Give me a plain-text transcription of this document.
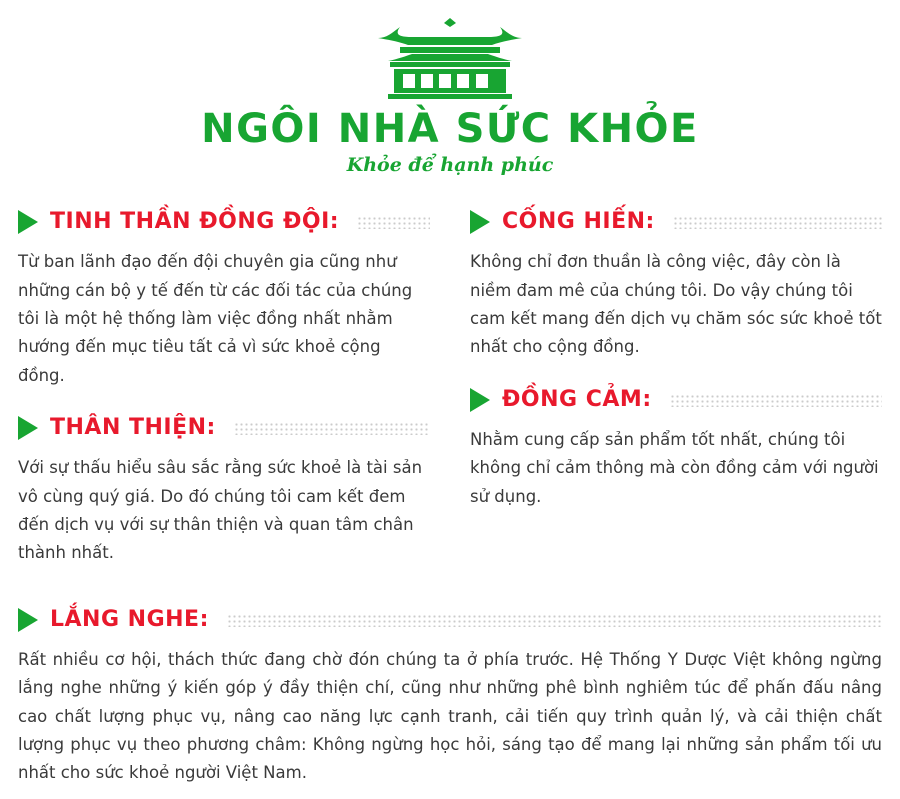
NGÔI NHÀ SỨC KHỎE
Khỏe để hạnh phúc
TINH THẦN ĐỒNG ĐỘI:
Từ ban lãnh đạo đến đội chuyên gia cũng như những cán bộ y tế đến từ các đối tác của chúng tôi là một hệ thống làm việc đồng nhất nhằm hướng đến mục tiêu tất cả vì sức khoẻ cộng đồng.
THÂN THIỆN:
Với sự thấu hiểu sâu sắc rằng sức khoẻ là tài sản vô cùng quý giá. Do đó chúng tôi cam kết đem đến dịch vụ với sự thân thiện và quan tâm chân thành nhất.
CỐNG HIẾN:
Không chỉ đơn thuần là công việc, đây còn là niềm đam mê của chúng tôi. Do vậy chúng tôi cam kết mang đến dịch vụ chăm sóc sức khoẻ tốt nhất cho cộng đồng.
ĐỒNG CẢM:
Nhằm cung cấp sản phẩm tốt nhất, chúng tôi không chỉ cảm thông mà còn đồng cảm với người sử dụng.
LẮNG NGHE:
Rất nhiều cơ hội, thách thức đang chờ đón chúng ta ở phía trước. Hệ Thống Y Dược Việt không ngừng lắng nghe những ý kiến góp ý đầy thiện chí, cũng như những phê bình nghiêm túc để phấn đấu nâng cao chất lượng phục vụ, nâng cao năng lực cạnh tranh, cải tiến quy trình quản lý, và cải thiện chất lượng phục vụ theo phương châm: Không ngừng học hỏi, sáng tạo để mang lại những sản phẩm tối ưu nhất cho sức khoẻ người Việt Nam.
